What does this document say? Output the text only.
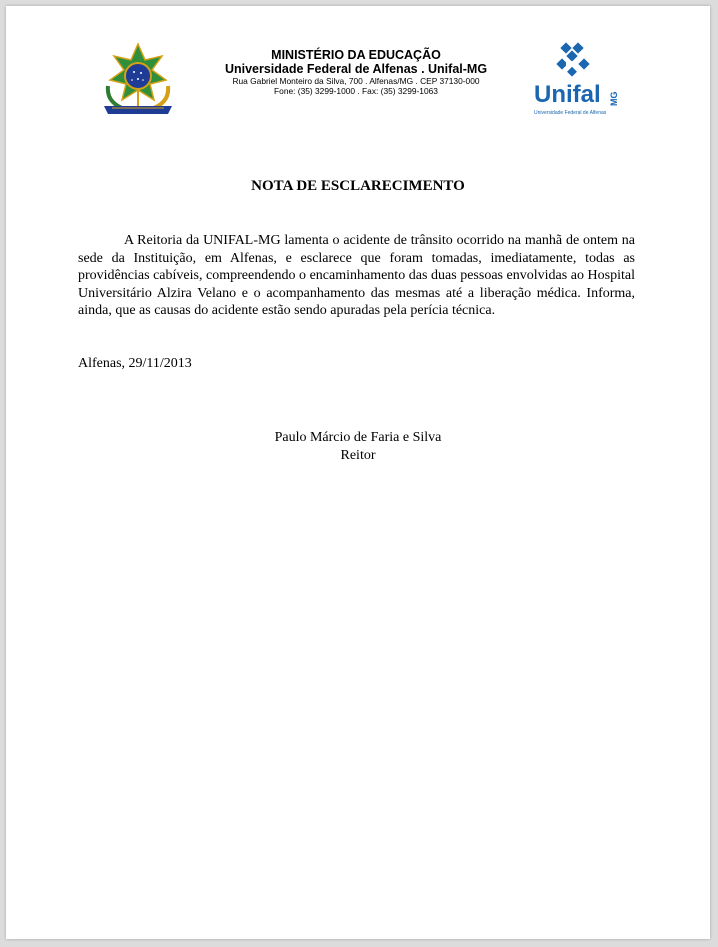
MINISTÉRIO DA EDUCAÇÃO
Universidade Federal de Alfenas . Unifal-MG
Rua Gabriel Monteiro da Silva, 700 . Alfenas/MG . CEP 37130-000
Fone: (35) 3299-1000 . Fax: (35) 3299-1063	Unifal MG
Universidade Federal de Alfenas
NOTA DE ESCLARECIMENTO

A Reitoria da UNIFAL-MG lamenta o acidente de trânsito ocorrido na manhã de ontem na sede da Instituição, em Alfenas, e esclarece que foram tomadas, imediatamente, todas as providências cabíveis, compreendendo o encaminhamento das duas pessoas envolvidas ao Hospital Universitário Alzira Velano e o acompanhamento das mesmas até a liberação médica. Informa, ainda, que as causas do acidente estão sendo apuradas pela perícia técnica.

Alfenas, 29/11/2013
Paulo Márcio de Faria e Silva
Reitor
